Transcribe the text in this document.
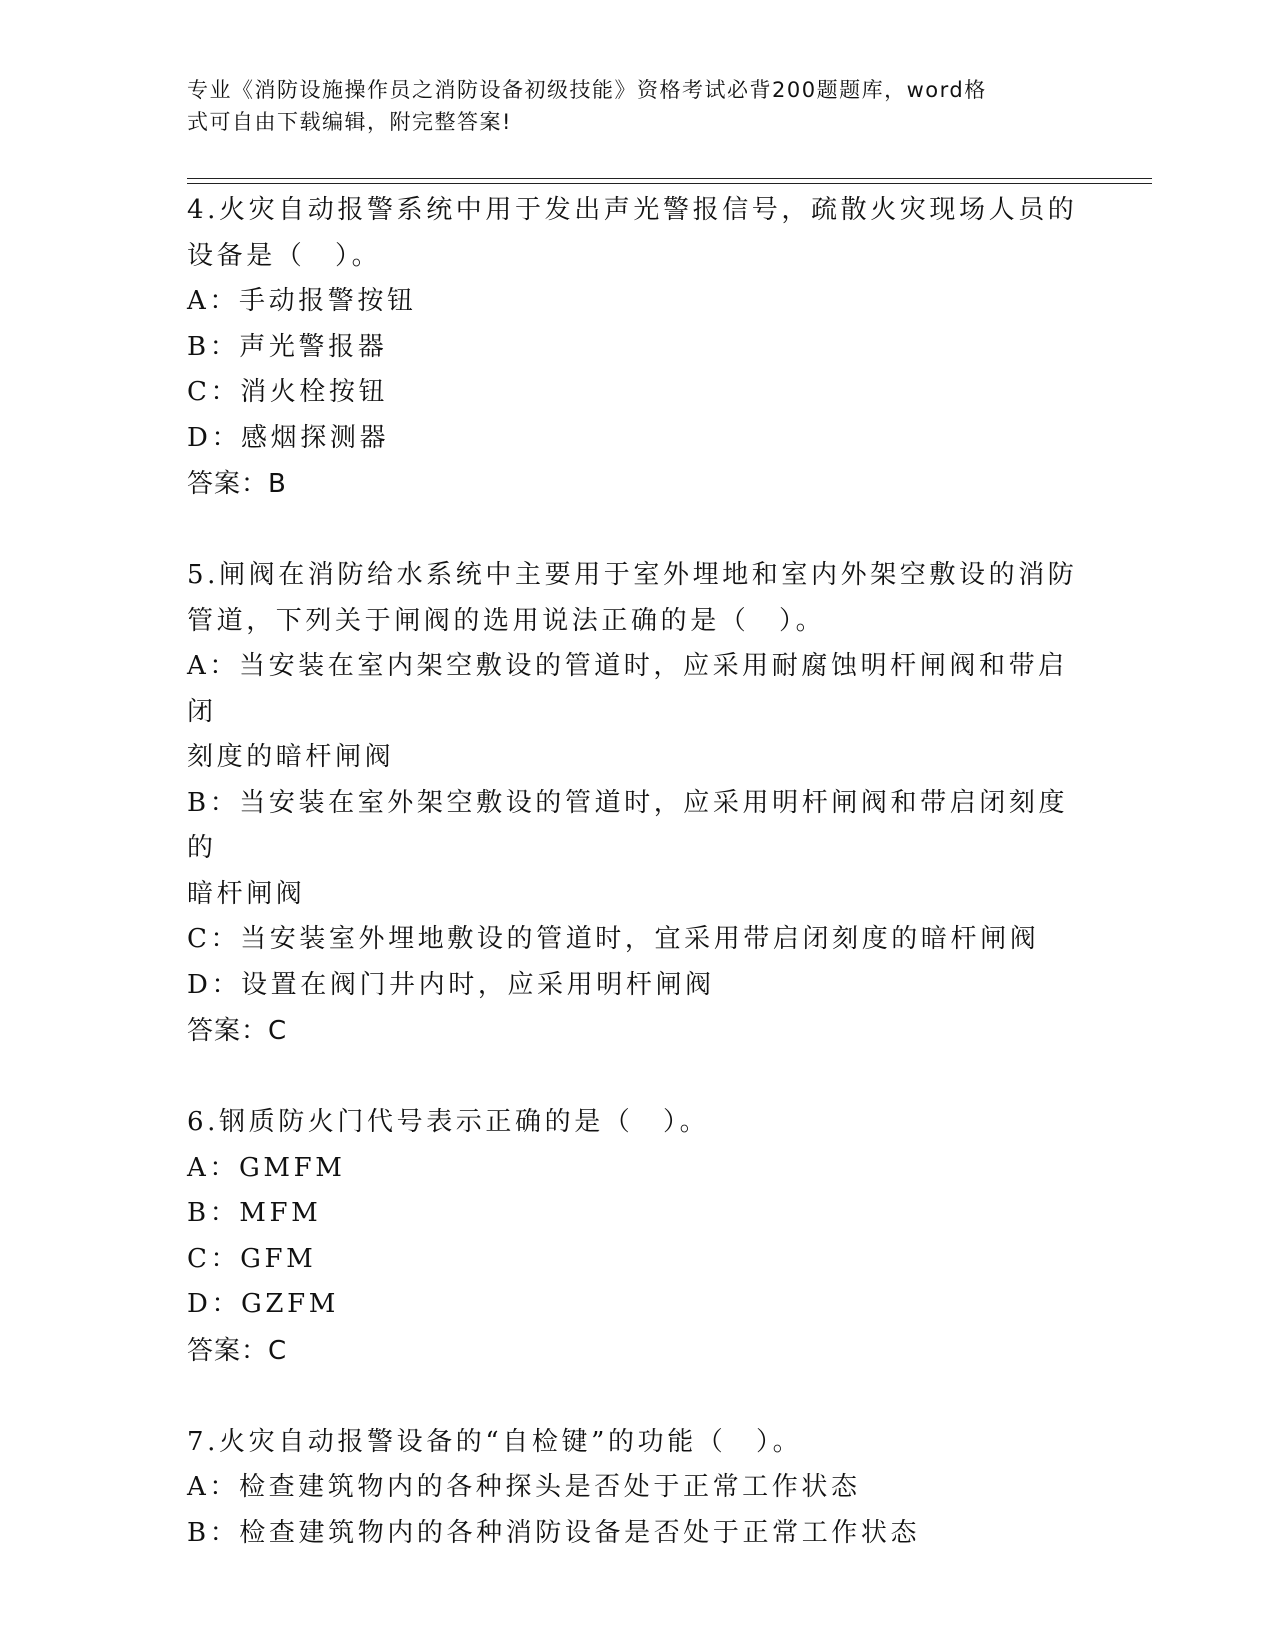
专业《消防设施操作员之消防设备初级技能》资格考试必背200题题库，word格
式可自由下载编辑，附完整答案!
4.火灾自动报警系统中用于发出声光警报信号，疏散火灾现场人员的
设备是（　）。
A：手动报警按钮
B：声光警报器
C：消火栓按钮
D：感烟探测器
答案：B
5.闸阀在消防给水系统中主要用于室外埋地和室内外架空敷设的消防
管道，下列关于闸阀的选用说法正确的是（　）。
A：当安装在室内架空敷设的管道时，应采用耐腐蚀明杆闸阀和带启闭
刻度的暗杆闸阀
B：当安装在室外架空敷设的管道时，应采用明杆闸阀和带启闭刻度的
暗杆闸阀
C：当安装室外埋地敷设的管道时，宜采用带启闭刻度的暗杆闸阀
D：设置在阀门井内时，应采用明杆闸阀
答案：C
6.钢质防火门代号表示正确的是（　）。
A：GMFM
B：MFM
C：GFM
D：GZFM
答案：C
7.火灾自动报警设备的“自检键”的功能（　）。
A：检查建筑物内的各种探头是否处于正常工作状态
B：检查建筑物内的各种消防设备是否处于正常工作状态
